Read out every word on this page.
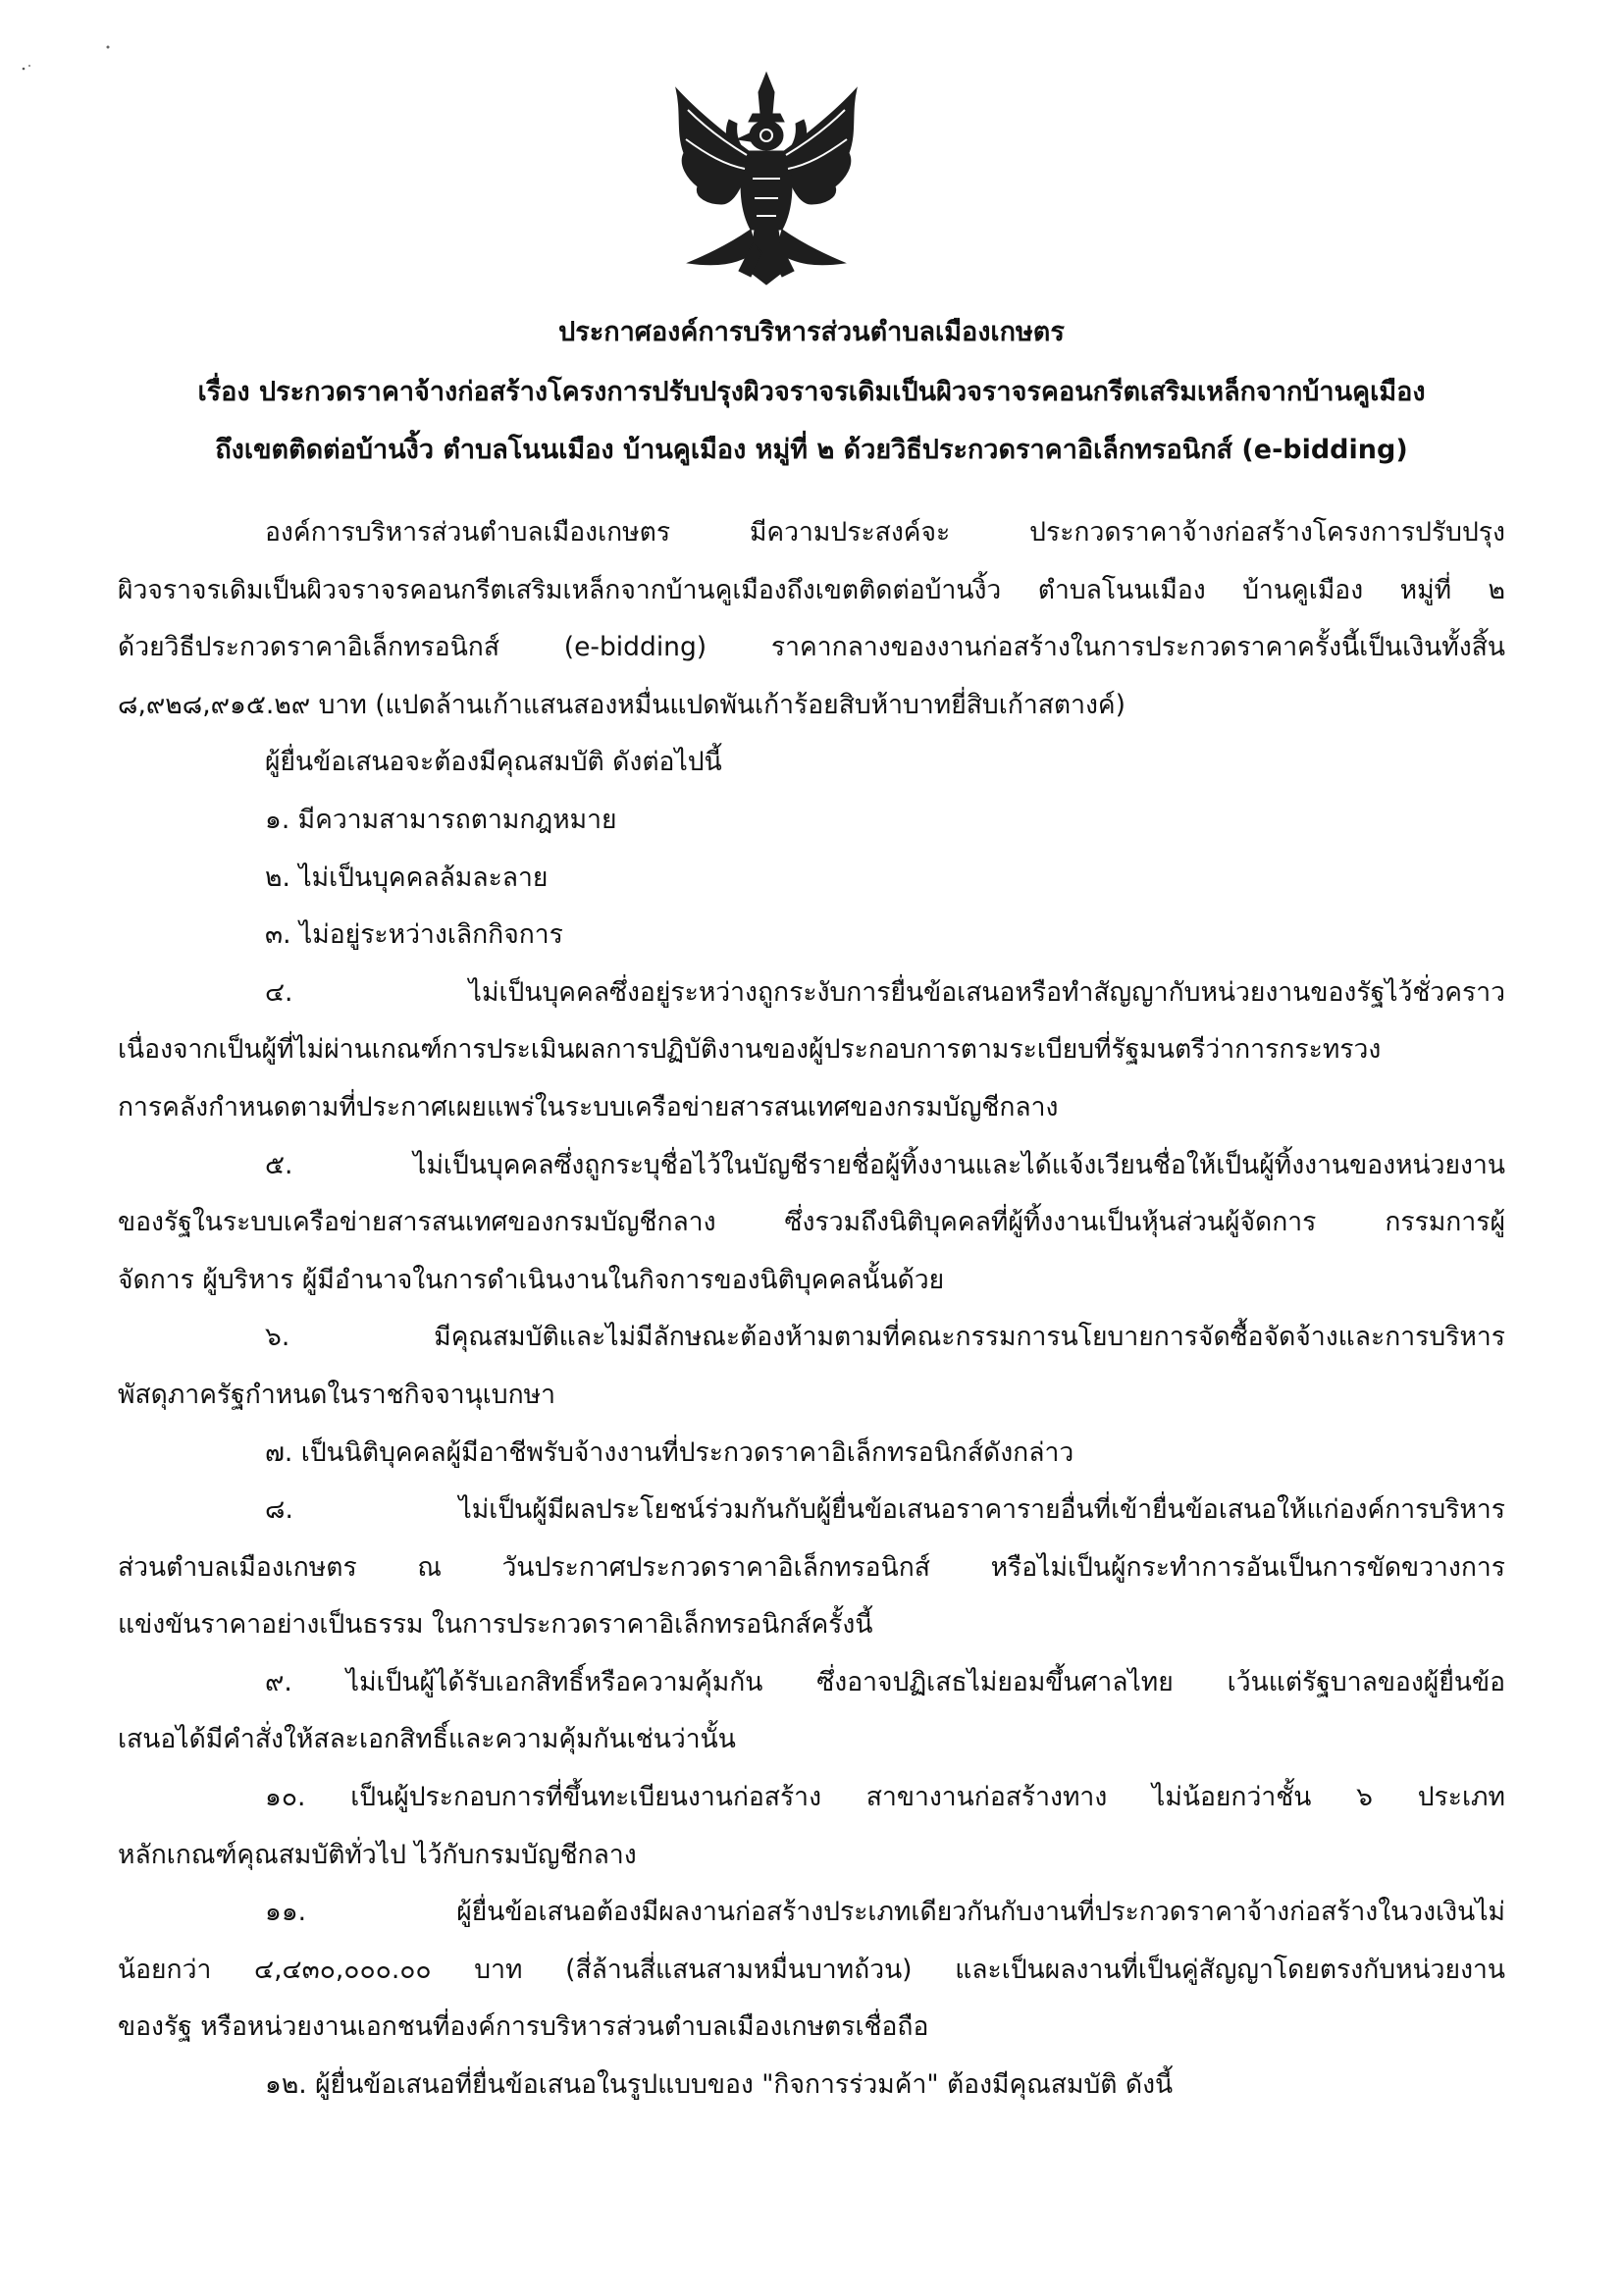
ประกาศองค์การบริหารส่วนตำบลเมืองเกษตร
เรื่อง ประกวดราคาจ้างก่อสร้างโครงการปรับปรุงผิวจราจรเดิมเป็นผิวจราจรคอนกรีตเสริมเหล็กจากบ้านคูเมือง
ถึงเขตติดต่อบ้านงิ้ว ตำบลโนนเมือง บ้านคูเมือง หมู่ที่ ๒ ด้วยวิธีประกวดราคาอิเล็กทรอนิกส์ (e-bidding)
องค์การบริหารส่วนตำบลเมืองเกษตร มีความประสงค์จะ ประกวดราคาจ้างก่อสร้างโครงการปรับปรุง
ผิวจราจรเดิมเป็นผิวจราจรคอนกรีตเสริมเหล็กจากบ้านคูเมืองถึงเขตติดต่อบ้านงิ้ว ตำบลโนนเมือง บ้านคูเมือง หมู่ที่ ๒
ด้วยวิธีประกวดราคาอิเล็กทรอนิกส์ (e-bidding) ราคากลางของงานก่อสร้างในการประกวดราคาครั้งนี้เป็นเงินทั้งสิ้น
๘,๙๒๘,๙๑๕.๒๙ บาท (แปดล้านเก้าแสนสองหมื่นแปดพันเก้าร้อยสิบห้าบาทยี่สิบเก้าสตางค์)
ผู้ยื่นข้อเสนอจะต้องมีคุณสมบัติ ดังต่อไปนี้
๑. มีความสามารถตามกฎหมาย
๒. ไม่เป็นบุคคลล้มละลาย
๓. ไม่อยู่ระหว่างเลิกกิจการ
๔. ไม่เป็นบุคคลซึ่งอยู่ระหว่างถูกระงับการยื่นข้อเสนอหรือทำสัญญากับหน่วยงานของรัฐไว้ชั่วคราว
เนื่องจากเป็นผู้ที่ไม่ผ่านเกณฑ์การประเมินผลการปฏิบัติงานของผู้ประกอบการตามระเบียบที่รัฐมนตรีว่าการกระทรวง
การคลังกำหนดตามที่ประกาศเผยแพร่ในระบบเครือข่ายสารสนเทศของกรมบัญชีกลาง
๕. ไม่เป็นบุคคลซึ่งถูกระบุชื่อไว้ในบัญชีรายชื่อผู้ทิ้งงานและได้แจ้งเวียนชื่อให้เป็นผู้ทิ้งงานของหน่วยงาน
ของรัฐในระบบเครือข่ายสารสนเทศของกรมบัญชีกลาง ซึ่งรวมถึงนิติบุคคลที่ผู้ทิ้งงานเป็นหุ้นส่วนผู้จัดการ กรรมการผู้
จัดการ ผู้บริหาร ผู้มีอำนาจในการดำเนินงานในกิจการของนิติบุคคลนั้นด้วย
๖. มีคุณสมบัติและไม่มีลักษณะต้องห้ามตามที่คณะกรรมการนโยบายการจัดซื้อจัดจ้างและการบริหาร
พัสดุภาครัฐกำหนดในราชกิจจานุเบกษา
๗. เป็นนิติบุคคลผู้มีอาชีพรับจ้างงานที่ประกวดราคาอิเล็กทรอนิกส์ดังกล่าว
๘. ไม่เป็นผู้มีผลประโยชน์ร่วมกันกับผู้ยื่นข้อเสนอราคารายอื่นที่เข้ายื่นข้อเสนอให้แก่องค์การบริหาร
ส่วนตำบลเมืองเกษตร ณ วันประกาศประกวดราคาอิเล็กทรอนิกส์ หรือไม่เป็นผู้กระทำการอันเป็นการขัดขวางการ
แข่งขันราคาอย่างเป็นธรรม ในการประกวดราคาอิเล็กทรอนิกส์ครั้งนี้
๙. ไม่เป็นผู้ได้รับเอกสิทธิ์หรือความคุ้มกัน ซึ่งอาจปฏิเสธไม่ยอมขึ้นศาลไทย เว้นแต่รัฐบาลของผู้ยื่นข้อ
เสนอได้มีคำสั่งให้สละเอกสิทธิ์และความคุ้มกันเช่นว่านั้น
๑๐. เป็นผู้ประกอบการที่ขึ้นทะเบียนงานก่อสร้าง สาขางานก่อสร้างทาง ไม่น้อยกว่าชั้น ๖ ประเภท
หลักเกณฑ์คุณสมบัติทั่วไป ไว้กับกรมบัญชีกลาง
๑๑. ผู้ยื่นข้อเสนอต้องมีผลงานก่อสร้างประเภทเดียวกันกับงานที่ประกวดราคาจ้างก่อสร้างในวงเงินไม่
น้อยกว่า ๔,๔๓๐,๐๐๐.๐๐ บาท (สี่ล้านสี่แสนสามหมื่นบาทถ้วน) และเป็นผลงานที่เป็นคู่สัญญาโดยตรงกับหน่วยงาน
ของรัฐ หรือหน่วยงานเอกชนที่องค์การบริหารส่วนตำบลเมืองเกษตรเชื่อถือ
๑๒. ผู้ยื่นข้อเสนอที่ยื่นข้อเสนอในรูปแบบของ "กิจการร่วมค้า" ต้องมีคุณสมบัติ ดังนี้
